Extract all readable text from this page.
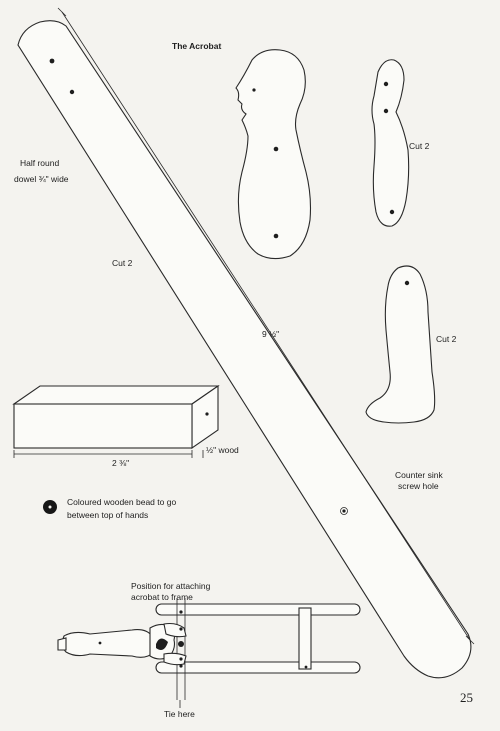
The Acrobat
Half round
dowel ¾" wide
Cut 2
Cut 2
Cut 2
9 ½"
2 ⅜"
½" wood
Counter sink
screw hole
Coloured wooden bead to go
between top of hands
Position for attaching
acrobat to frame
Tie here
25
